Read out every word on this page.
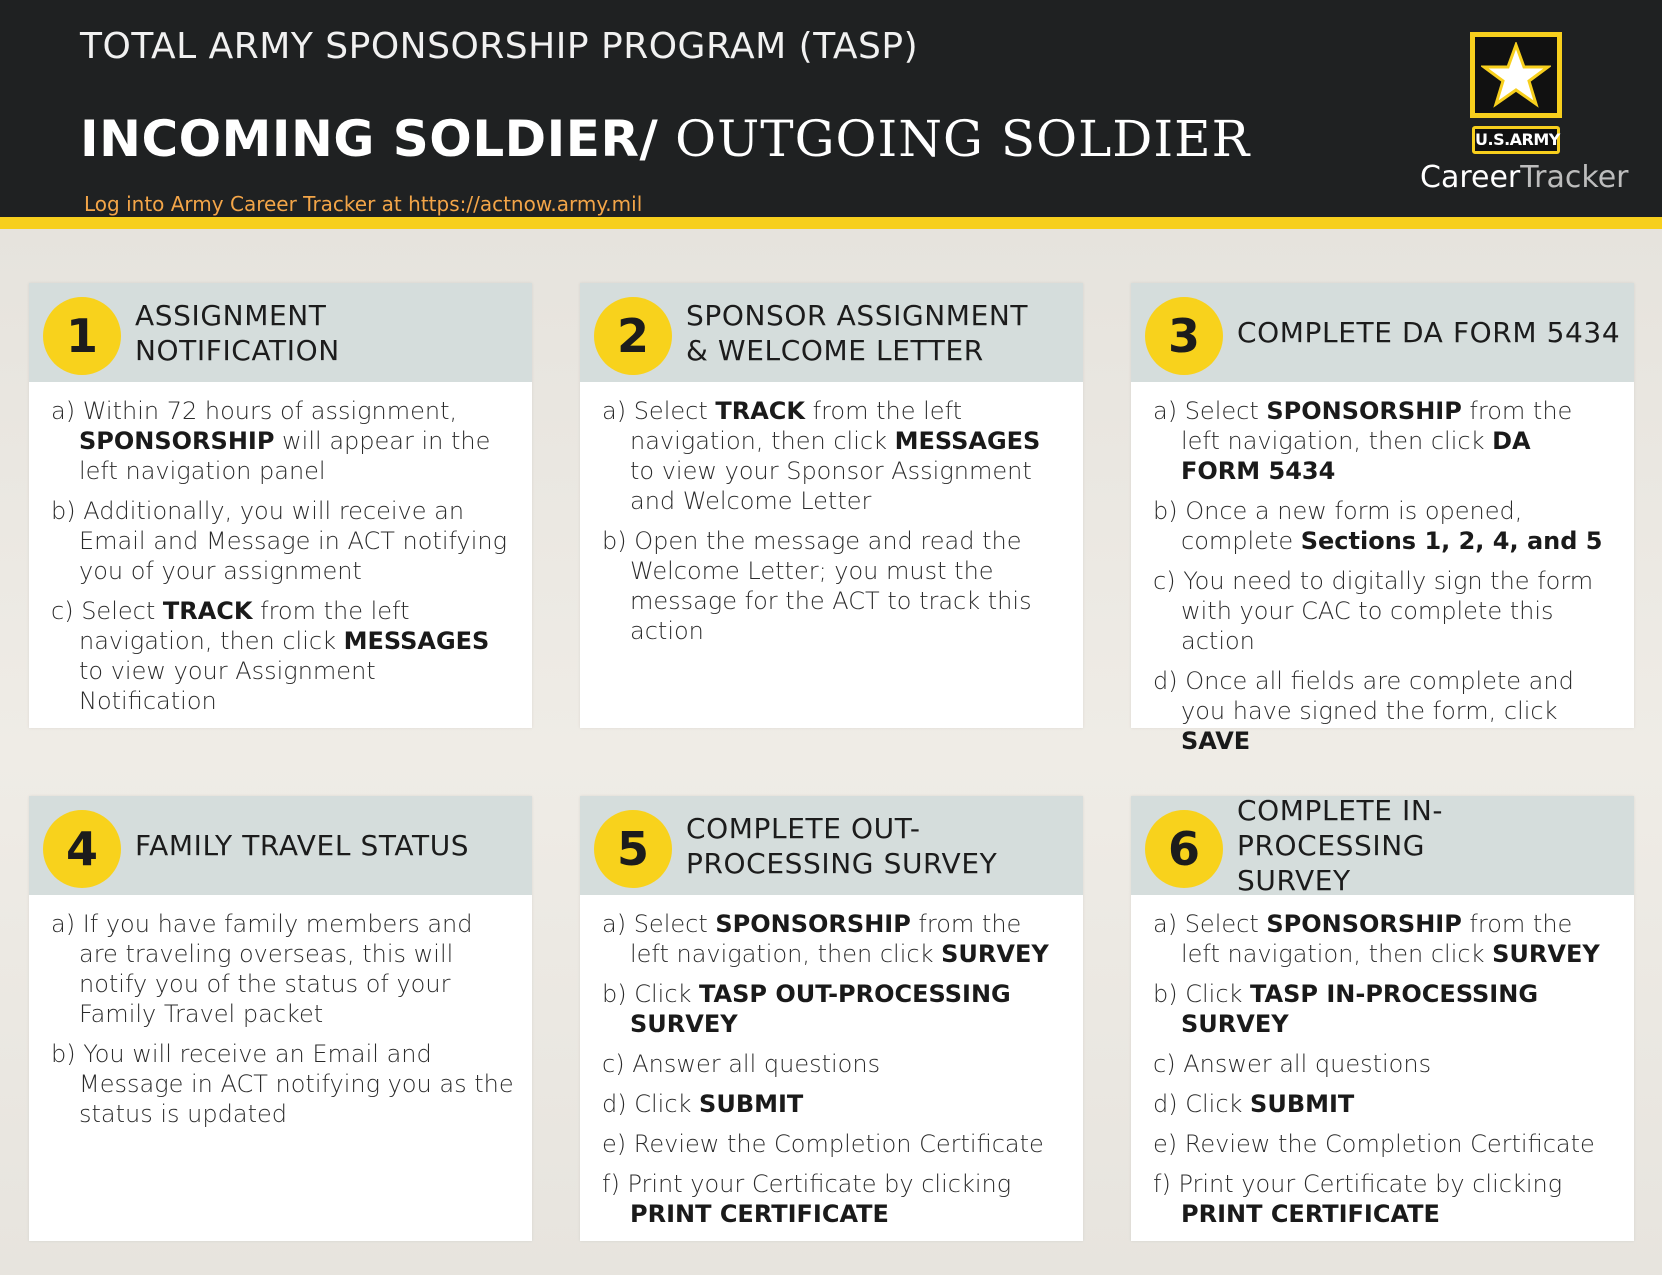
TOTAL ARMY SPONSORSHIP PROGRAM (TASP)
INCOMING SOLDIER/ OUTGOING SOLDIER
Log into Army Career Tracker at https://actnow.army.mil
U.S.ARMY
CareerTracker
1	ASSIGNMENT NOTIFICATION
a) Within 72 hours of assignment, SPONSORSHIP will appear in the left navigation panel
b) Additionally, you will receive an Email and Message in ACT notifying you of your assignment
c) Select TRACK from the left navigation, then click MESSAGES to view your Assignment Notification
2	SPONSOR ASSIGNMENT & WELCOME LETTER
a) Select TRACK from the left navigation, then click MESSAGES to view your Sponsor Assignment and Welcome Letter
b) Open the message and read the Welcome Letter; you must the message for the ACT to track this action
3	COMPLETE DA FORM 5434
a) Select SPONSORSHIP from the left navigation, then click DA FORM 5434
b) Once a new form is opened, complete Sections 1, 2, 4, and 5
c) You need to digitally sign the form with your CAC to complete this action
d) Once all fields are complete and you have signed the form, click SAVE
4	FAMILY TRAVEL STATUS
a) If you have family members and are traveling overseas, this will notify you of the status of your Family Travel packet
b) You will receive an Email and Message in ACT notifying you as the status is updated
5	COMPLETE OUT-PROCESSING SURVEY
a) Select SPONSORSHIP from the left navigation, then click SURVEY
b) Click TASP OUT-PROCESSING SURVEY
c) Answer all questions
d) Click SUBMIT
e) Review the Completion Certificate
f) Print your Certificate by clicking PRINT CERTIFICATE
6
COMPLETE IN-PROCESSING SURVEY
a) Select SPONSORSHIP from the left navigation, then click SURVEY
b) Click TASP IN-PROCESSING SURVEY
c) Answer all questions
d) Click SUBMIT
e) Review the Completion Certificate
f) Print your Certificate by clicking PRINT CERTIFICATE
